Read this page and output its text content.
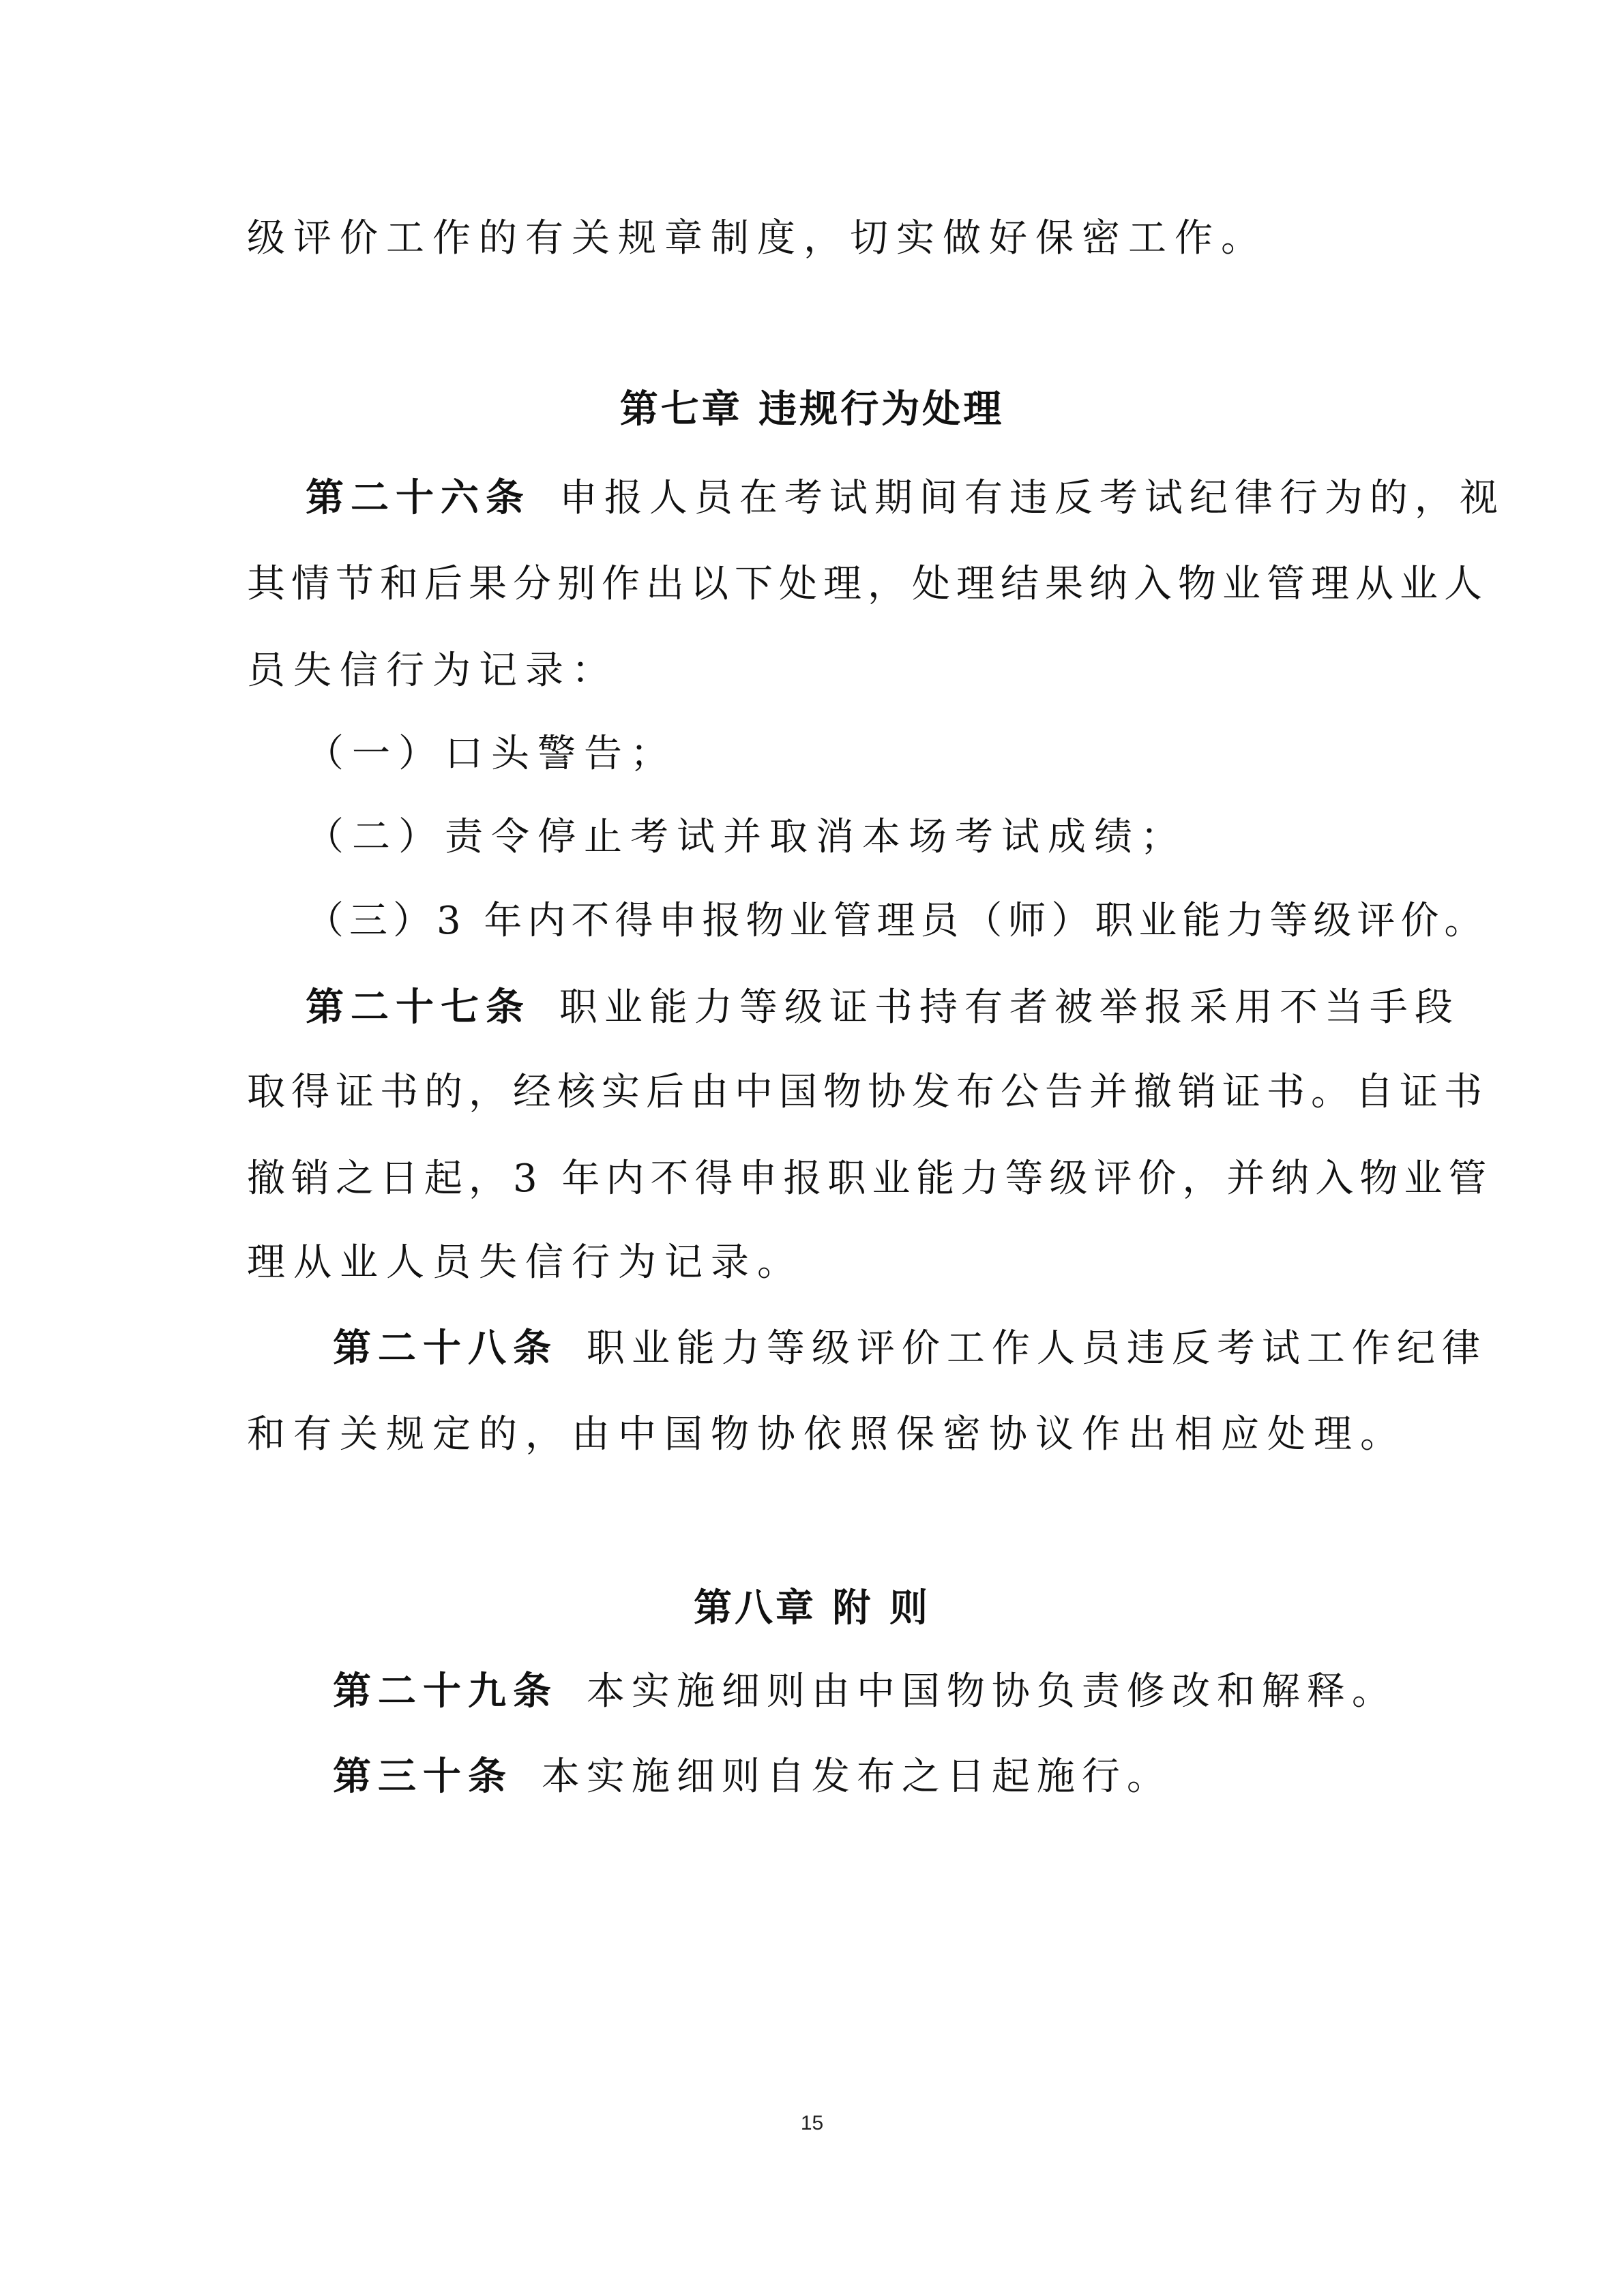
级评价工作的有关规章制度，切实做好保密工作。
第七章 违规行为处理
第二十六条 申报人员在考试期间有违反考试纪律行为的，视
其情节和后果分别作出以下处理，处理结果纳入物业管理从业人
员失信行为记录：
（一）口头警告；
（二）责令停止考试并取消本场考试成绩；
（三）3 年内不得申报物业管理员（师）职业能力等级评价。
第二十七条 职业能力等级证书持有者被举报采用不当手段
取得证书的，经核实后由中国物协发布公告并撤销证书。自证书
撤销之日起，3 年内不得申报职业能力等级评价，并纳入物业管
理从业人员失信行为记录。
第二十八条 职业能力等级评价工作人员违反考试工作纪律
和有关规定的，由中国物协依照保密协议作出相应处理。
第八章 附 则
第二十九条 本实施细则由中国物协负责修改和解释。
第三十条 本实施细则自发布之日起施行。
15
